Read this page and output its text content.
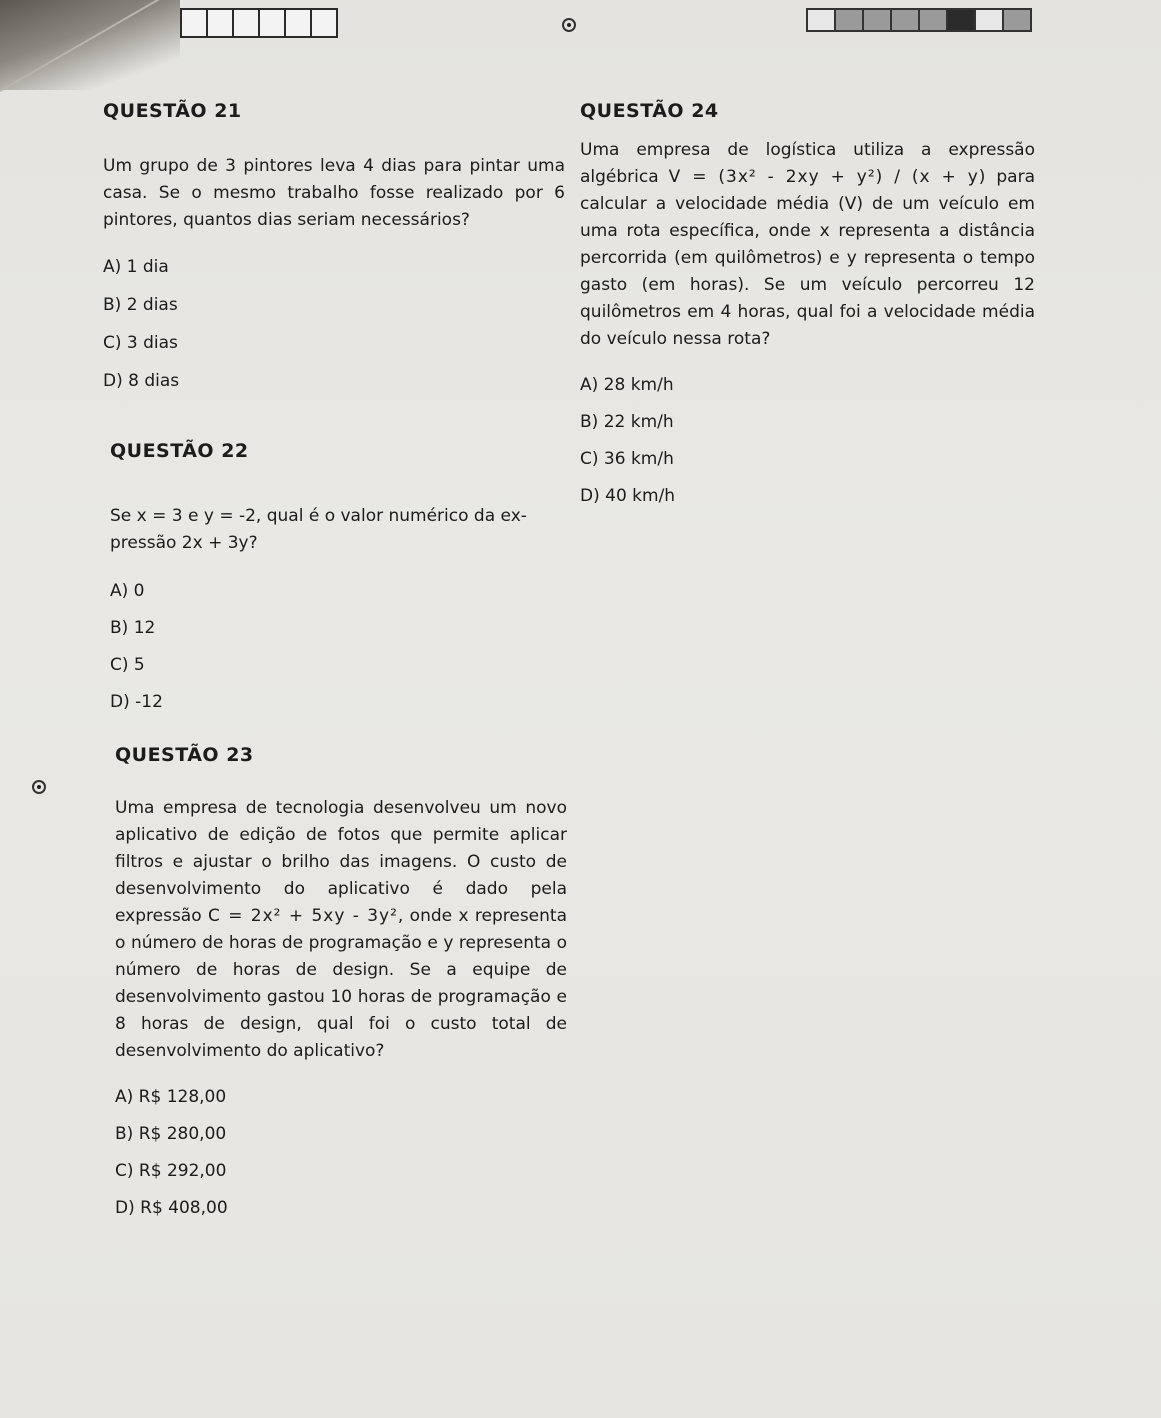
QUESTÃO 21

Um grupo de 3 pintores leva 4 dias para pintar uma casa. Se o mesmo trabalho fosse realizado por 6 pintores, quantos dias seriam necessários?

A) 1 dia
B) 2 dias
C) 3 dias
D) 8 dias
QUESTÃO 22

Se x = 3 e y = -2, qual é o valor numérico da ex-
pressão 2x + 3y?

A) 0
B) 12
C) 5
D) -12
QUESTÃO 23

Uma empresa de tecnologia desenvolveu um novo aplicativo de edição de fotos que permite aplicar filtros e ajustar o brilho das imagens. O custo de desenvolvimento do aplicativo é dado pela expressão C = 2x² + 5xy - 3y², onde x representa o número de horas de programação e y representa o número de horas de design. Se a equipe de desenvolvimento gastou 10 horas de programação e 8 horas de design, qual foi o custo total de desenvolvimento do aplicativo?

A) R$ 128,00
B) R$ 280,00
C) R$ 292,00
D) R$ 408,00
QUESTÃO 24

Uma empresa de logística utiliza a expressão algébrica V = (3x² - 2xy + y²) / (x + y) para calcular a velocidade média (V) de um veículo em uma rota específica, onde x representa a distância percorrida (em quilômetros) e y representa o tempo gasto (em horas). Se um veículo percorreu 12 quilômetros em 4 horas, qual foi a velocidade média do veículo nessa rota?

A) 28 km/h
B) 22 km/h
C) 36 km/h
D) 40 km/h
